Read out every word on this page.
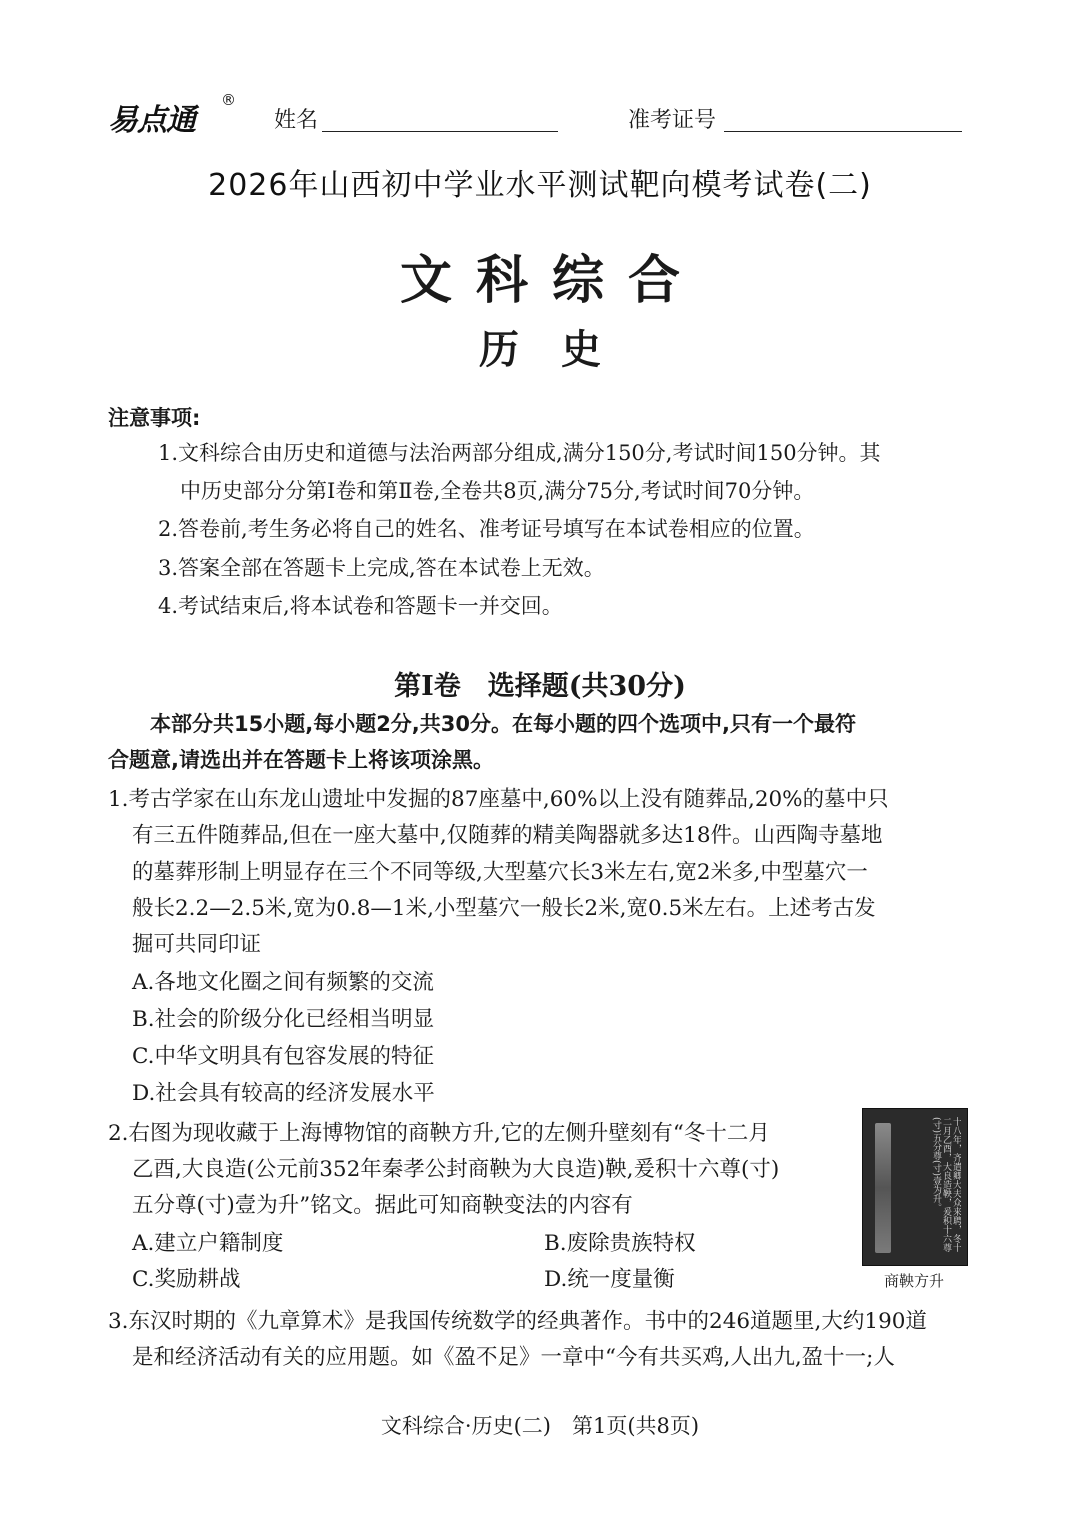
易点通
®
姓名	准考证号
2026年山西初中学业水平测试靶向模考试卷(二)
文科综合
历史
注意事项:
1.文科综合由历史和道德与法治两部分组成,满分150分,考试时间150分钟。其
中历史部分分第Ⅰ卷和第Ⅱ卷,全卷共8页,满分75分,考试时间70分钟。
2.答卷前,考生务必将自己的姓名、准考证号填写在本试卷相应的位置。
3.答案全部在答题卡上完成,答在本试卷上无效。
4.考试结束后,将本试卷和答题卡一并交回。
第Ⅰ卷　选择题(共30分)
本部分共15小题,每小题2分,共30分。在每小题的四个选项中,只有一个最符
合题意,请选出并在答题卡上将该项涂黑。
1.考古学家在山东龙山遗址中发掘的87座墓中,60%以上没有随葬品,20%的墓中只
有三五件随葬品,但在一座大墓中,仅随葬的精美陶器就多达18件。山西陶寺墓地
的墓葬形制上明显存在三个不同等级,大型墓穴长3米左右,宽2米多,中型墓穴一
般长2.2—2.5米,宽为0.8—1米,小型墓穴一般长2米,宽0.5米左右。上述考古发
掘可共同印证
A.各地文化圈之间有频繁的交流
B.社会的阶级分化已经相当明显
C.中华文明具有包容发展的特征
D.社会具有较高的经济发展水平
2.右图为现收藏于上海博物馆的商鞅方升,它的左侧升壁刻有“冬十二月
乙酉,大良造(公元前352年秦孝公封商鞅为大良造)鞅,爰积十六尊(寸)
五分尊(寸)壹为升”铭文。据此可知商鞅变法的内容有
A.建立户籍制度	B.废除贵族特权
C.奖励耕战	D.统一度量衡
十八年，齐遣卿大夫众来聘，冬十二月乙酉，大良造鞅，爰积十六尊(寸)五分尊(寸)壹为升。
商鞅方升
3.东汉时期的《九章算术》是我国传统数学的经典著作。书中的246道题里,大约190道
是和经济活动有关的应用题。如《盈不足》一章中“今有共买鸡,人出九,盈十一;人
文科综合·历史(二)　第1页(共8页)
